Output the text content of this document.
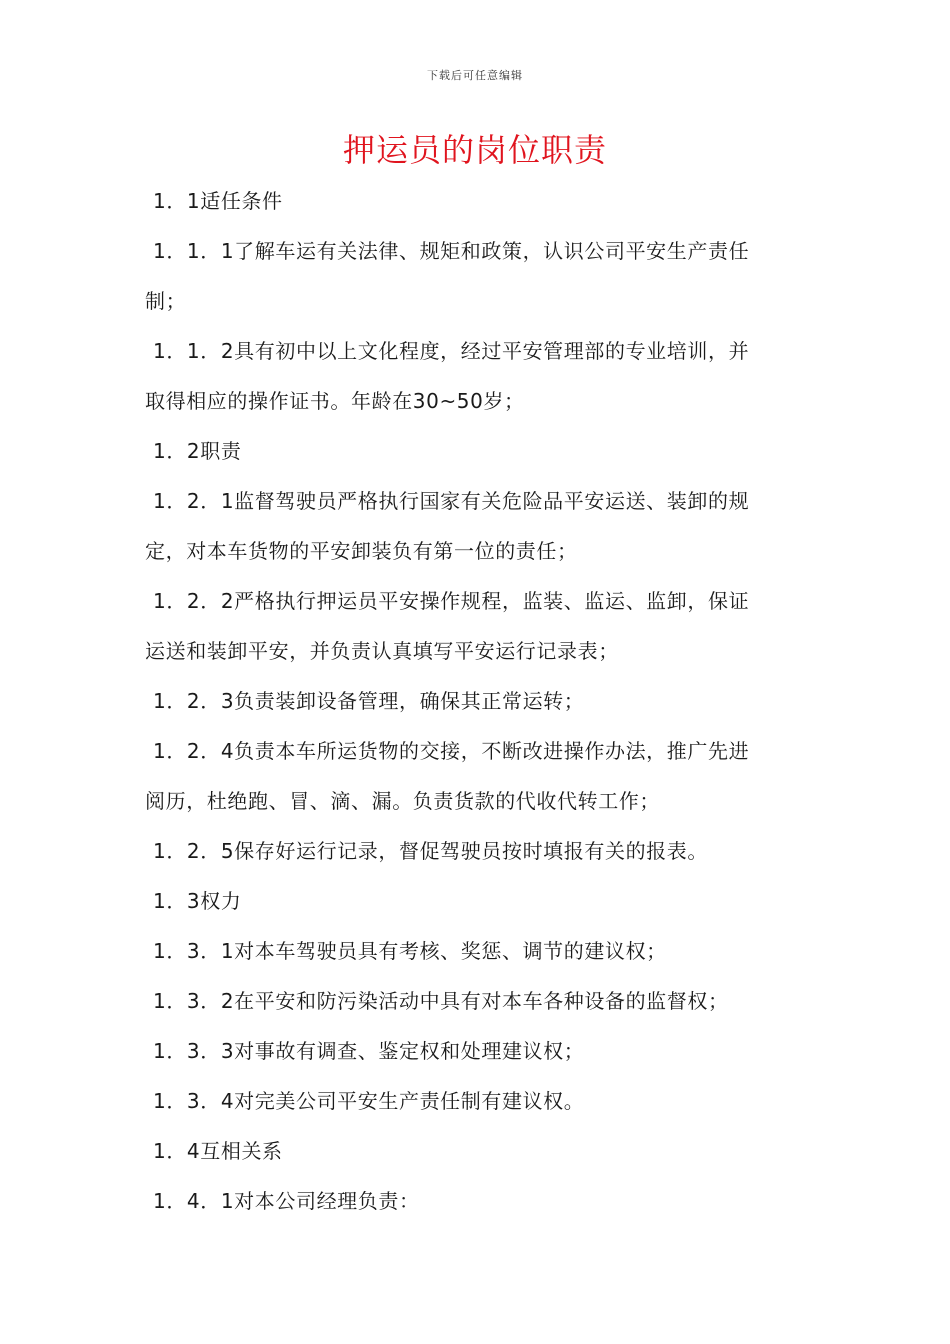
下载后可任意编辑
押运员的岗位职责
1．1适任条件
1．1．1了解车运有关法律、规矩和政策，认识公司平安生产责任
制；
1．1．2具有初中以上文化程度，经过平安管理部的专业培训，并
取得相应的操作证书。年龄在30~50岁；
1．2职责
1．2．1监督驾驶员严格执行国家有关危险品平安运送、装卸的规
定，对本车货物的平安卸装负有第一位的责任；
1．2．2严格执行押运员平安操作规程，监装、监运、监卸，保证
运送和装卸平安，并负责认真填写平安运行记录表；
1．2．3负责装卸设备管理，确保其正常运转；
1．2．4负责本车所运货物的交接，不断改进操作办法，推广先进
阅历，杜绝跑、冒、滴、漏。负责货款的代收代转工作；
1．2．5保存好运行记录，督促驾驶员按时填报有关的报表。
1．3权力
1．3．1对本车驾驶员具有考核、奖惩、调节的建议权；
1．3．2在平安和防污染活动中具有对本车各种设备的监督权；
1．3．3对事故有调查、鉴定权和处理建议权；
1．3．4对完美公司平安生产责任制有建议权。
1．4互相关系
1．4．1对本公司经理负责：
